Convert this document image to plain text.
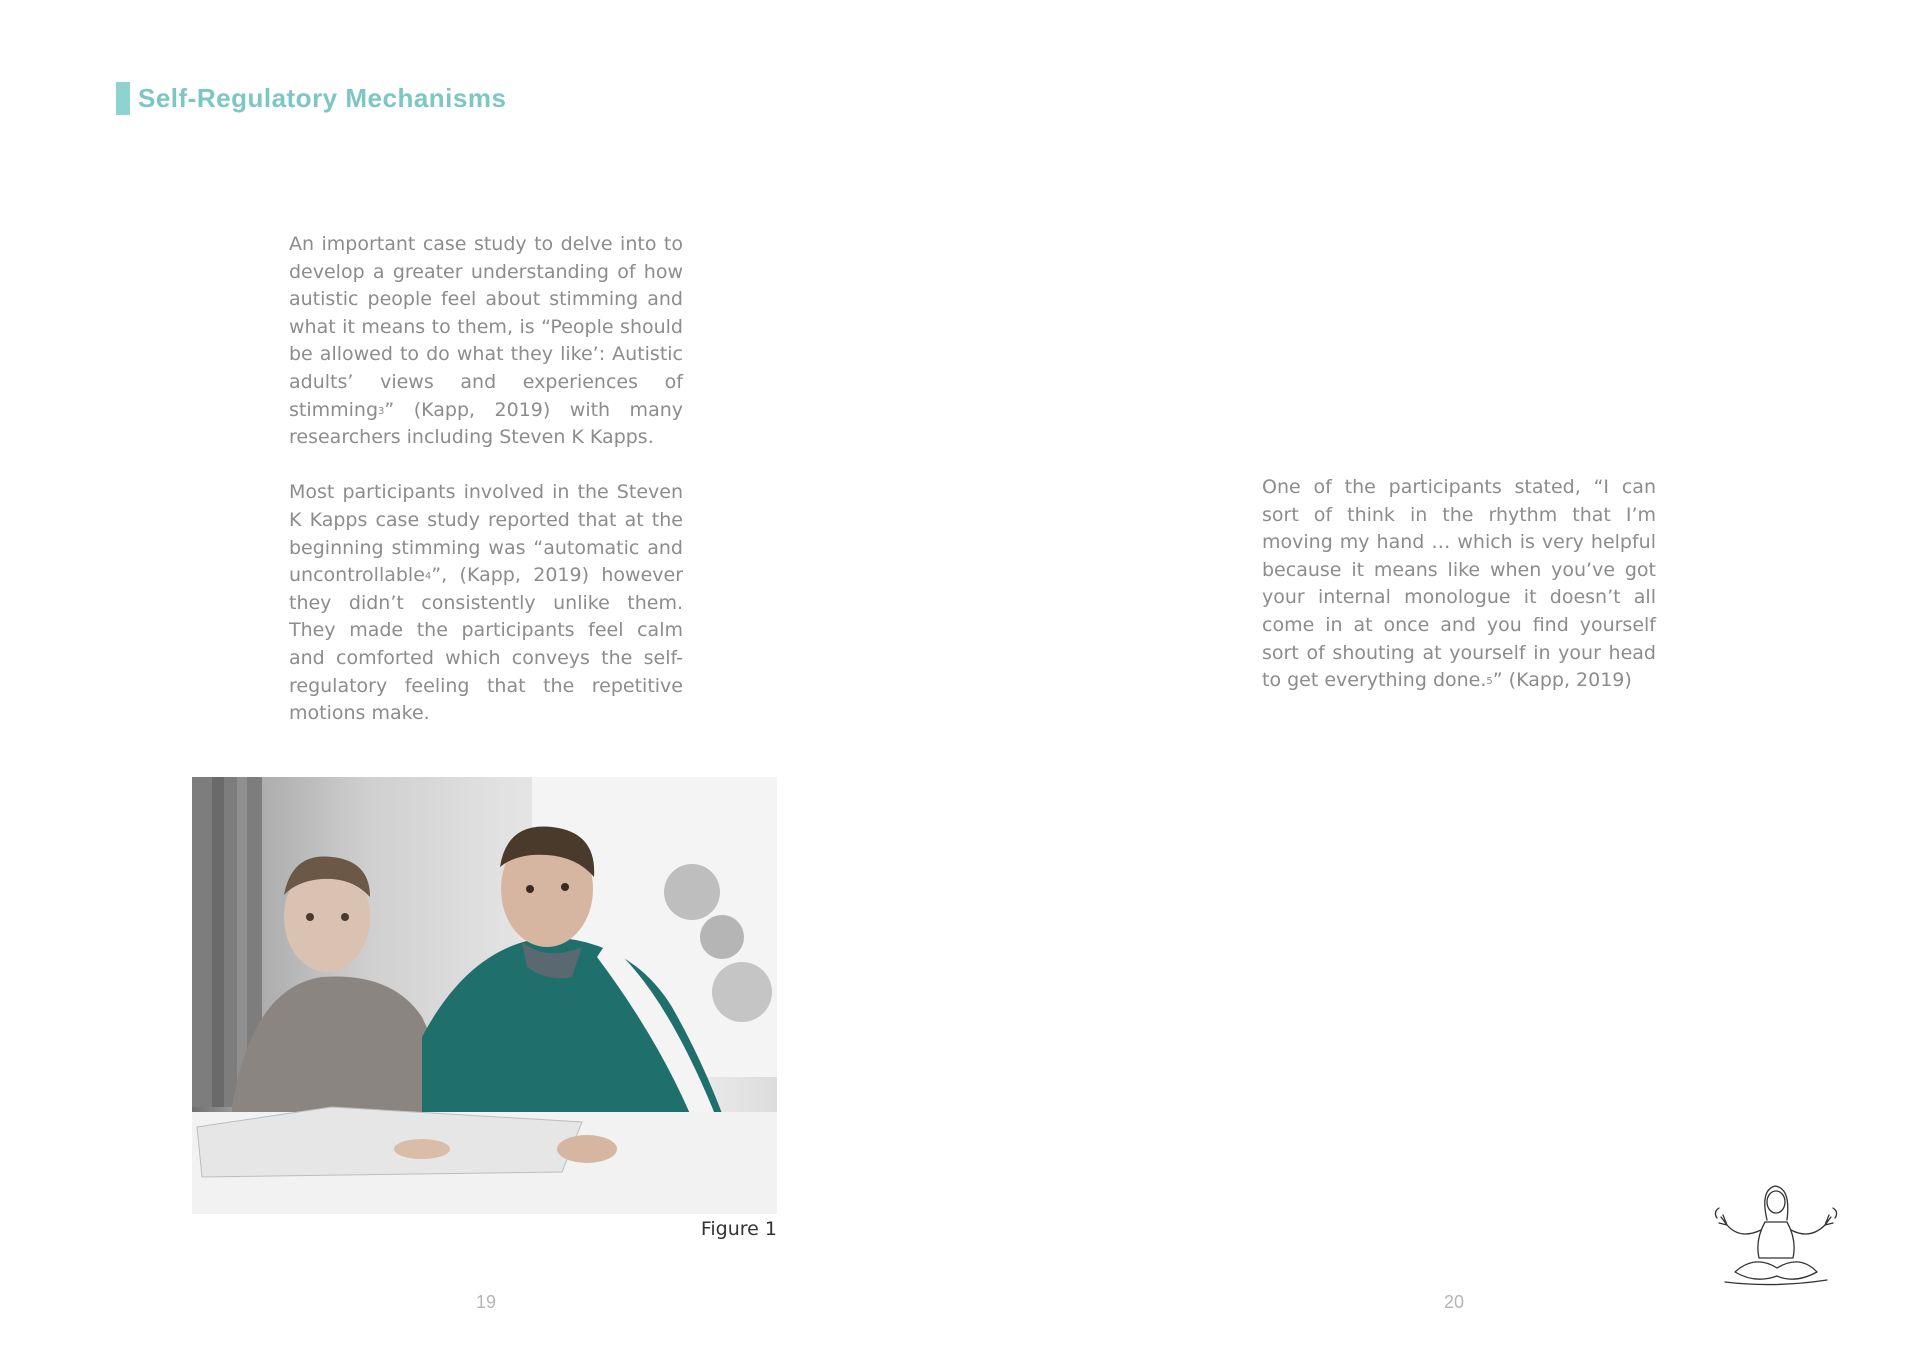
Self-Regulatory Mechanisms

An important case study to delve into to develop a greater understanding of how autistic people feel about stimming and what it means to them, is “People should be allowed to do what they like’: Autistic adults’ views and experiences of stimming$^3$” (Kapp, 2019) with many researchers including Steven K Kapps.

Most participants involved in the Steven K Kapps case study reported that at the beginning stimming was “automatic and uncontrollable$^4$”, (Kapp, 2019) however they didn’t consistently unlike them. They made the participants feel calm and comforted which conveys the self-regulatory feeling that the repetitive motions make.

Figure 1
19

One of the participants stated, “I can sort of think in the rhythm that I’m moving my hand … which is very helpful because it means like when you’ve got your internal monologue it doesn’t all come in at once and you find yourself sort of shouting at yourself in your head to get everything done.$^5$” (Kapp, 2019)

20
